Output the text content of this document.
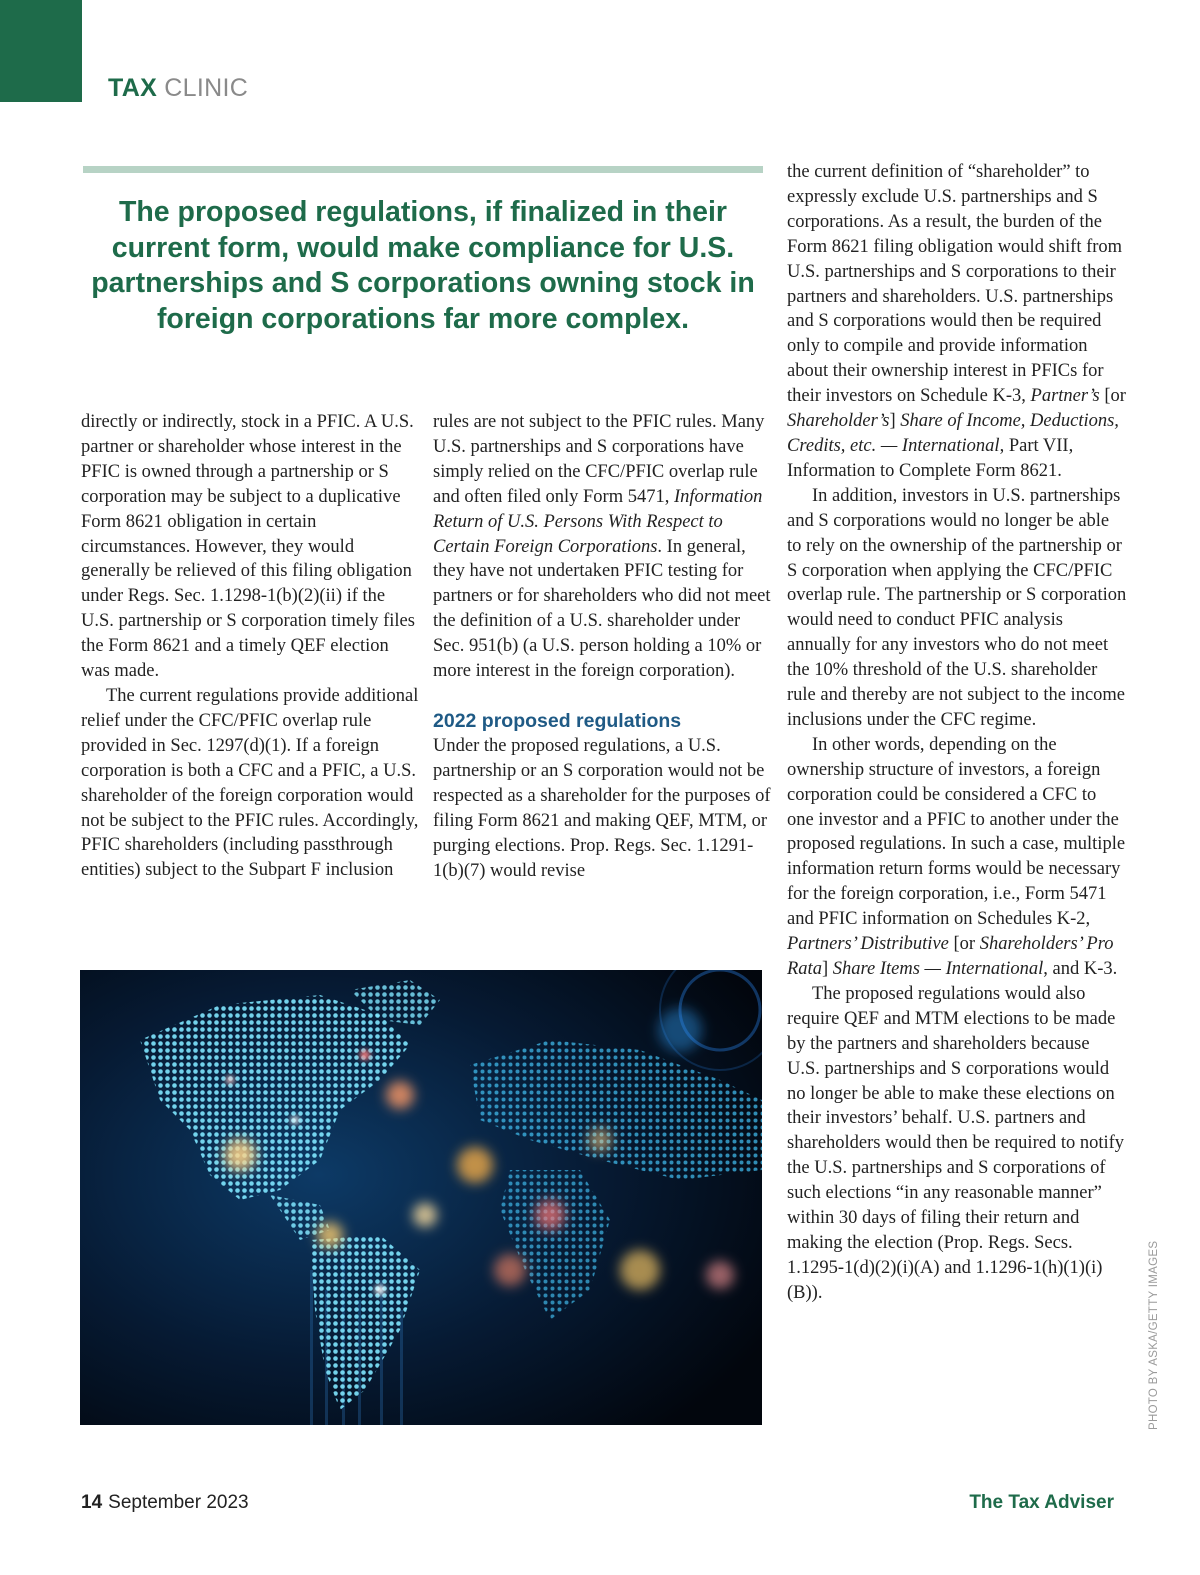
TAX CLINIC

The proposed regulations, if finalized in their current form, would make compliance for U.S. partnerships and S corporations owning stock in foreign corporations far more complex.

directly or indirectly, stock in a PFIC. A U.S. partner or shareholder whose interest in the PFIC is owned through a partnership or S corporation may be subject to a duplicative Form 8621 obligation in certain circumstances. However, they would generally be relieved of this filing obligation under Regs. Sec. 1.1298-1(b)(2)(ii) if the U.S. partnership or S corporation timely files the Form 8621 and a timely QEF election was made.

The current regulations provide additional relief under the CFC/PFIC overlap rule provided in Sec. 1297(d)(1). If a foreign corporation is both a CFC and a PFIC, a U.S. shareholder of the foreign corporation would not be subject to the PFIC rules. Accordingly, PFIC shareholders (including passthrough entities) subject to the Subpart F inclusion

rules are not subject to the PFIC rules. Many U.S. partnerships and S corporations have simply relied on the CFC/PFIC overlap rule and often filed only Form 5471, Information Return of U.S. Persons With Respect to Certain Foreign Corporations. In general, they have not undertaken PFIC testing for partners or for shareholders who did not meet the definition of a U.S. shareholder under Sec. 951(b) (a U.S. person holding a 10% or more interest in the foreign corporation).

2022 proposed regulations

Under the proposed regulations, a U.S. partnership or an S corporation would not be respected as a shareholder for the purposes of filing Form 8621 and making QEF, MTM, or purging elections. Prop. Regs. Sec. 1.1291-1(b)(7) would revise

the current definition of “shareholder” to expressly exclude U.S. partnerships and S corporations. As a result, the burden of the Form 8621 filing obligation would shift from U.S. partnerships and S corporations to their partners and shareholders. U.S. partnerships and S corporations would then be required only to compile and provide information about their ownership interest in PFICs for their investors on Schedule K-3, Partner’s [or Shareholder’s] Share of Income, Deductions, Credits, etc. — International, Part VII, Information to Complete Form 8621.

In addition, investors in U.S. partnerships and S corporations would no longer be able to rely on the ownership of the partnership or S corporation when applying the CFC/PFIC overlap rule. The partnership or S corporation would need to conduct PFIC analysis annually for any investors who do not meet the 10% threshold of the U.S. shareholder rule and thereby are not subject to the income inclusions under the CFC regime.

In other words, depending on the ownership structure of investors, a foreign corporation could be considered a CFC to one investor and a PFIC to another under the proposed regulations. In such a case, multiple information return forms would be necessary for the foreign corporation, i.e., Form 5471 and PFIC information on Schedules K-2, Partners’ Distributive [or Shareholders’ Pro Rata] Share Items — International, and K-3.

The proposed regulations would also require QEF and MTM elections to be made by the partners and shareholders because U.S. partnerships and S corporations would no longer be able to make these elections on their investors’ behalf. U.S. partners and shareholders would then be required to notify the U.S. partnerships and S corporations of such elections “in any reasonable manner” within 30 days of filing their return and making the election (Prop. Regs. Secs. 1.1295-1(d)(2)(i)(A) and 1.1296-1(h)(1)(i)(B)).	PHOTO BY ASKA/GETTY IMAGES

14 September 2023	The Tax Adviser
